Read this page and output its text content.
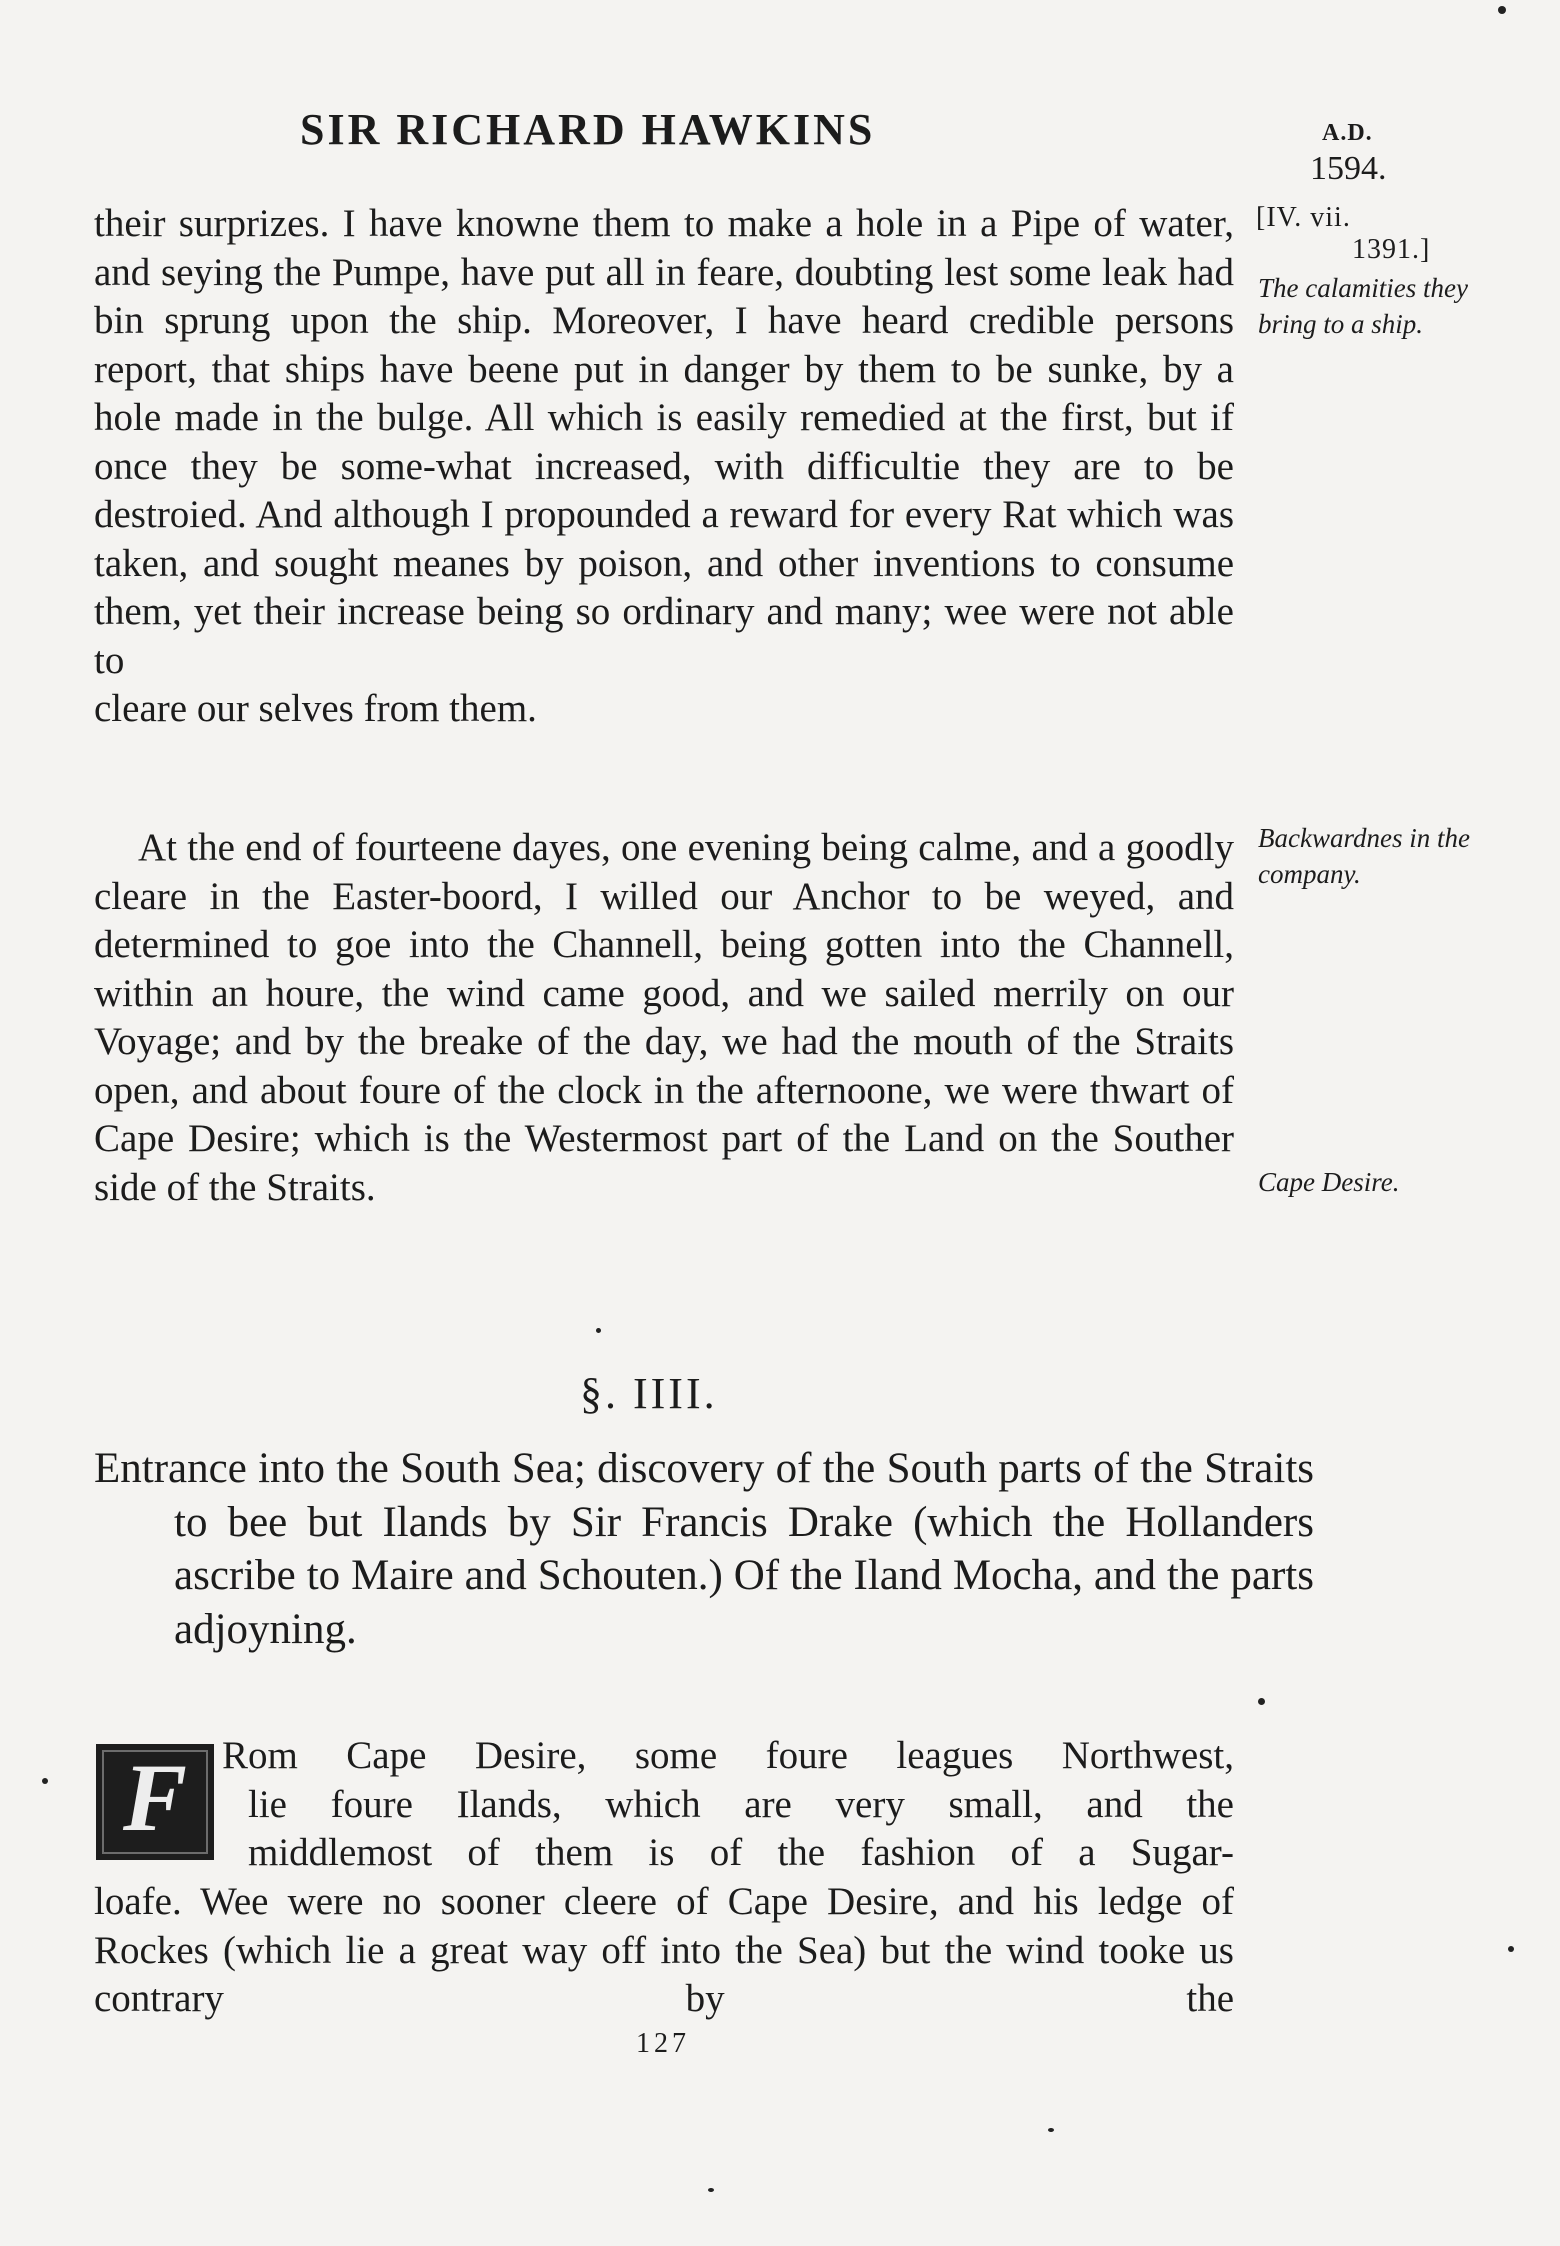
SIR RICHARD HAWKINS	A.D.
1594.
[IV. vii.
1391.]
The calamities they bring to a ship.
Backwardnes in the company.
Cape Desire.
their surprizes. I have knowne them to make a hole in a Pipe of water, and seying the Pumpe, have put all in feare, doubting lest some leak had bin sprung upon the ship. Moreover, I have heard credible persons report, that ships have beene put in danger by them to be sunke, by a hole made in the bulge. All which is easily remedied at the first, but if once they be some-what increased, with difficultie they are to be destroied. And although I propounded a reward for every Rat which was taken, and sought meanes by poison, and other inventions to consume them, yet their increase being so ordinary and many; wee were not able to
cleare our selves from them.
At the end of fourteene dayes, one evening being calme, and a goodly cleare in the Easter-boord, I willed our Anchor to be weyed, and determined to goe into the Channell, being gotten into the Channell, within an houre, the wind came good, and we sailed merrily on our Voyage; and by the breake of the day, we had the mouth of the Straits open, and about foure of the clock in the afternoone, we were thwart of Cape Desire; which is the Westermost part of the Land on the Souther side of the Straits.
§. IIII.
Entrance into the South Sea; discovery of the South parts of the Straits to bee but Ilands by Sir Francis Drake (which the Hollanders ascribe to Maire and Schouten.) Of the Iland Mocha, and the parts adjoyning.
F Rom Cape Desire, some foure leagues Northwest,
lie foure Ilands, which are very small, and the
middlemost of them is of the fashion of a Sugar-
loafe. Wee were no sooner cleere of Cape Desire, and his ledge of Rockes (which lie a great way off into the Sea) but the wind tooke us contrary by the
127
